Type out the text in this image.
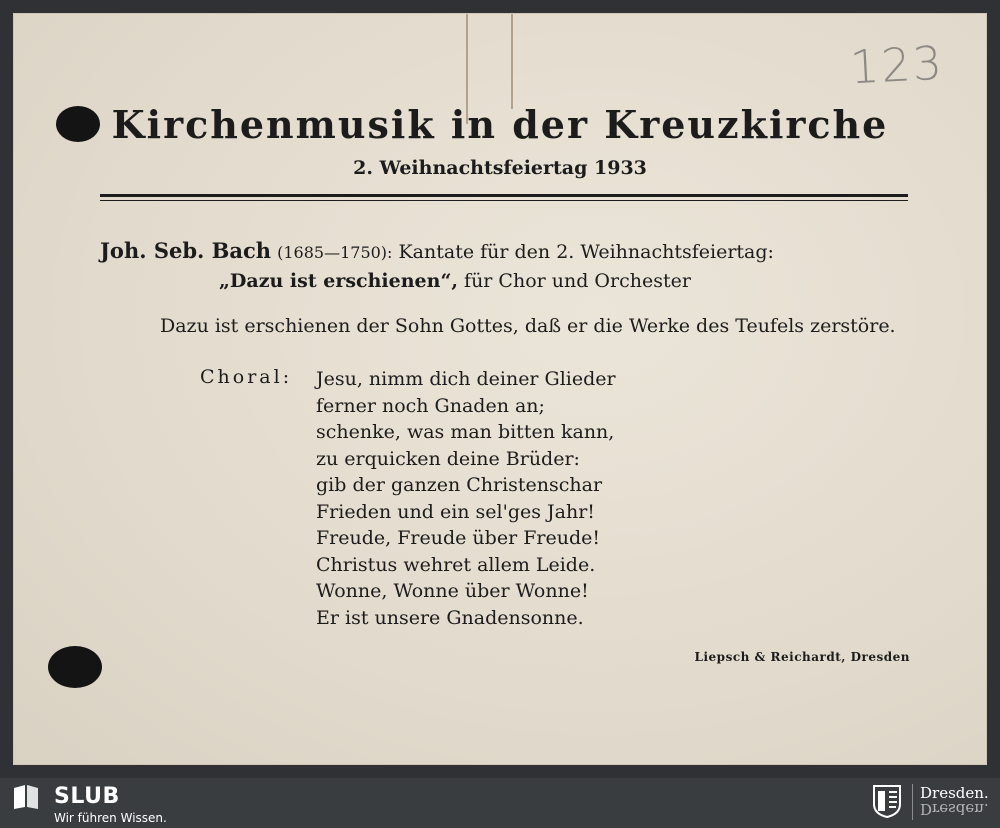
123
Kirchenmusik in der Kreuzkirche
2. Weihnachtsfeiertag 1933
Joh. Seb. Bach (1685—1750): Kantate für den 2. Weihnachtsfeiertag:
„Dazu ist erschienen“, für Chor und Orchester
Dazu ist erschienen der Sohn Gottes, daß er die Werke des Teufels zerstöre.
Choral: Jesu, nimm dich deiner Glieder
ferner noch Gnaden an;
schenke, was man bitten kann,
zu erquicken deine Brüder:
gib der ganzen Christenschar
Frieden und ein sel'ges Jahr!
Freude, Freude über Freude!
Christus wehret allem Leide.
Wonne, Wonne über Wonne!
Er ist unsere Gnadensonne.
Liepsch & Reichardt, Dresden
SLUB
Wir führen Wissen.
Dresden.
Dresden.
